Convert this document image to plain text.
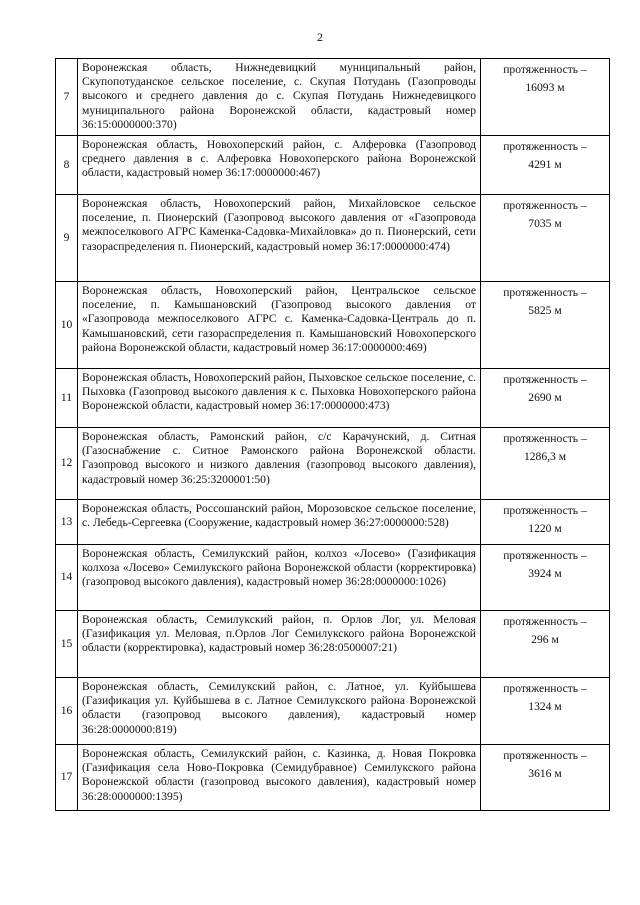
2
7	Воронежская область, Нижнедевицкий муниципальный район, Скупопотуданское сельское поселение, с. Скупая Потудань (Газопроводы высокого и среднего давления до с. Скупая Потудань Нижнедевицкого муниципального района Воронежской области, кадастровый номер 36:15:0000000:370)	протяженность –
16093 м

8	Воронежская область, Новохоперский район, с. Алферовка (Газопровод среднего давления в с. Алферовка Новохоперского района Воронежской области, кадастровый номер 36:17:0000000:467)	протяженность –
4291 м

9	Воронежская область, Новохоперский район, Михайловское сельское поселение, п. Пионерский (Газопровод высокого давления от «Газопровода межпоселкового АГРС Каменка-Садовка-Михайловка» до п. Пионерский, сети газораспределения п. Пионерский, кадастровый номер 36:17:0000000:474)	протяженность –
7035 м

10	Воронежская область, Новохоперский район, Центральское сельское поселение, п. Камышановский (Газопровод высокого давления от «Газопровода межпоселкового АГРС с. Каменка-Садовка-Централь до п. Камышановский, сети газораспределения п. Камышановский Новохоперского района Воронежской области, кадастровый номер 36:17:0000000:469)	протяженность –
5825 м

11	Воронежская область, Новохоперский район, Пыховское сельское поселение, с. Пыховка (Газопровод высокого давления к с. Пыховка Новохоперского района Воронежской области, кадастровый номер 36:17:0000000:473)	протяженность –
2690 м

12	Воронежская область, Рамонский район, с/с Карачунский, д. Ситная (Газоснабжение с. Ситное Рамонского района Воронежской области. Газопровод высокого и низкого давления (газопровод высокого давления), кадастровый номер 36:25:3200001:50)	протяженность –
1286,3 м

13	Воронежская область, Россошанский район, Морозовское сельское поселение, с. Лебедь-Сергеевка (Сооружение, кадастровый номер 36:27:0000000:528)	протяженность –
1220 м

14	Воронежская область, Семилукский район, колхоз «Лосево» (Газификация колхоза «Лосево» Семилукского района Воронежской области (корректировка) (газопровод высокого давления), кадастровый номер 36:28:0000000:1026)	протяженность –
3924 м

15	Воронежская область, Семилукский район, п. Орлов Лог, ул. Меловая (Газификация ул. Меловая, п.Орлов Лог Семилукского района Воронежской области (корректировка), кадастровый номер 36:28:0500007:21)	протяженность –
296 м

16	Воронежская область, Семилукский район, с. Латное, ул. Куйбышева (Газификация ул. Куйбышева в с. Латное Семилукского района Воронежской области (газопровод высокого давления), кадастровый номер 36:28:0000000:819)	протяженность –
1324 м

17	Воронежская область, Семилукский район, с. Казинка, д. Новая Покровка (Газификация села Ново-Покровка (Семидубравное) Семилукского района Воронежской области (газопровод высокого давления), кадастровый номер 36:28:0000000:1395)	протяженность –
3616 м
